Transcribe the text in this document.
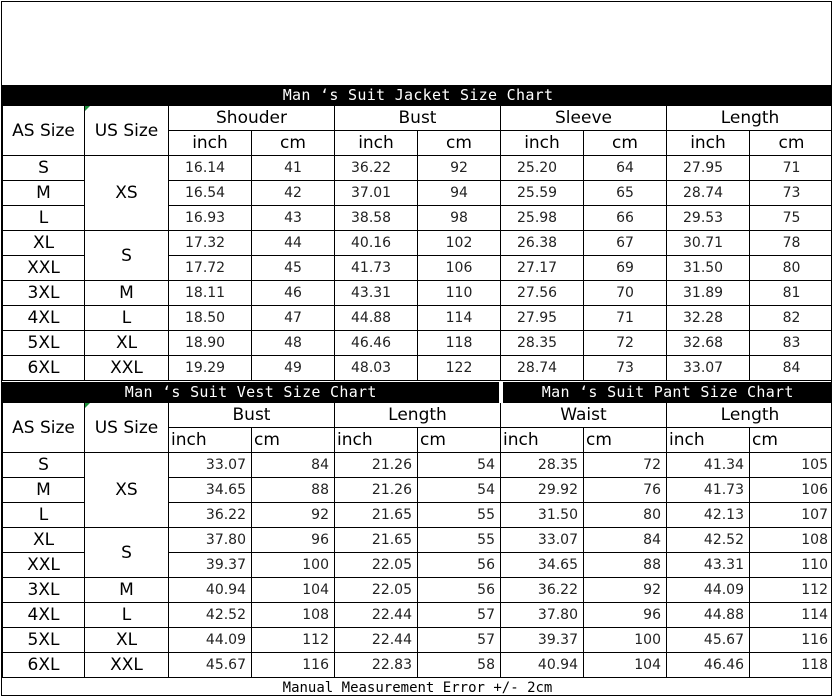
Man ‘s Suit Jacket Size Chart									
AS Size	US Size	Shouder		Bust		Sleeve		Length	
		inch	cm	inch	cm	inch	cm	inch	cm
S	XS	16.14	41	36.22	92	25.20	64	27.95	71
M		16.54	42	37.01	94	25.59	65	28.74	73
L		16.93	43	38.58	98	25.98	66	29.53	75
XL	S	17.32	44	40.16	102	26.38	67	30.71	78
XXL		17.72	45	41.73	106	27.17	69	31.50	80
3XL	M	18.11	46	43.31	110	27.56	70	31.89	81
4XL	L	18.50	47	44.88	114	27.95	71	32.28	82
5XL	XL	18.90	48	46.46	118	28.35	72	32.68	83
6XL	XXL	19.29	49	48.03	122	28.74	73	33.07	84
Man ‘s Suit Vest Size Chart						Man ‘s Suit Pant Size Chart			
AS Size	US Size	Bust		Length		Waist		Length	
		inch	cm	inch	cm	inch	cm	inch	cm
S	XS	33.07	84	21.26	54	28.35	72	41.34	105
M		34.65	88	21.26	54	29.92	76	41.73	106
L		36.22	92	21.65	55	31.50	80	42.13	107
XL	S	37.80	96	21.65	55	33.07	84	42.52	108
XXL		39.37	100	22.05	56	34.65	88	43.31	110
3XL	M	40.94	104	22.05	56	36.22	92	44.09	112
4XL	L	42.52	108	22.44	57	37.80	96	44.88	114
5XL	XL	44.09	112	22.44	57	39.37	100	45.67	116
6XL	XXL	45.67	116	22.83	58	40.94	104	46.46	118
Manual Measurement Error +/- 2cm
